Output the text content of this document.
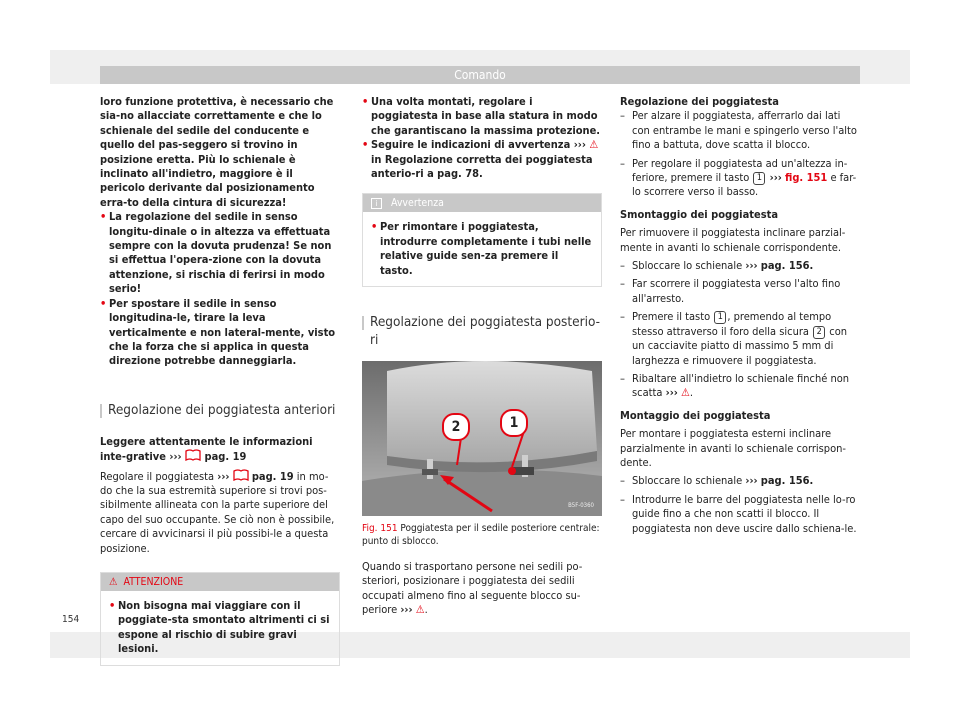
Comando

loro funzione protettiva, è necessario che sia-no allacciate correttamente e che lo schienale del sedile del conducente e quello del pas-seggero si trovino in posizione eretta. Più lo schienale è inclinato all'indietro, maggiore è il pericolo derivante dal posizionamento erra-to della cintura di sicurezza!

• La regolazione del sedile in senso longitu-dinale o in altezza va effettuata sempre con la dovuta prudenza! Se non si effettua l'opera-zione con la dovuta attenzione, si rischia di ferirsi in modo serio!

• Per spostare il sedile in senso longitudina-le, tirare la leva verticalmente e non lateral-mente, visto che la forza che si applica in questa direzione potrebbe danneggiarla.

Regolazione dei poggiatesta anteriori

Leggere attentamente le informazioni inte-grative ››› pag. 19

Regolare il poggiatesta ››› pag. 19 in mo-do che la sua estremità superiore si trovi pos-sibilmente allineata con la parte superiore del capo del suo occupante. Se ciò non è possibile, cercare di avvicinarsi il più possibi-le a questa posizione.

⚠ ATTENZIONE

• Non bisogna mai viaggiare con il poggiate-sta smontato altrimenti ci si espone al rischio di subire gravi lesioni.

• Una volta montati, regolare i poggiatesta in base alla statura in modo che garantiscano la massima protezione.

• Seguire le indicazioni di avvertenza ››› ⚠ in Regolazione corretta dei poggiatesta anterio-ri a pag. 78.

i Avvertenza

• Per rimontare i poggiatesta, introdurre completamente i tubi nelle relative guide sen-za premere il tasto.

Regolazione dei poggiatesta posterio-ri
2	1
B5F-0360

Fig. 151 Poggiatesta per il sedile posteriore centrale: punto di sblocco.

Quando si trasportano persone nei sedili po-steriori, posizionare i poggiatesta dei sedili occupati almeno fino al seguente blocco su-periore ››› ⚠.

Regolazione dei poggiatesta

– Per alzare il poggiatesta, afferrarlo dai lati con entrambe le mani e spingerlo verso l'alto fino a battuta, dove scatta il blocco.

– Per regolare il poggiatesta ad un'altezza in-feriore, premere il tasto 1 ››› fig. 151 e far-lo scorrere verso il basso.

Smontaggio dei poggiatesta

Per rimuovere il poggiatesta inclinare parzial-mente in avanti lo schienale corrispondente.

– Sbloccare lo schienale ››› pag. 156.

– Far scorrere il poggiatesta verso l'alto fino all'arresto.

– Premere il tasto 1 , premendo al tempo stesso attraverso il foro della sicura 2 con un cacciavite piatto di massimo 5 mm di larghezza e rimuovere il poggiatesta.

– Ribaltare all'indietro lo schienale finché non scatta ››› ⚠.

Montaggio dei poggiatesta

Per montare i poggiatesta esterni inclinare parzialmente in avanti lo schienale corrispon-dente.

– Sbloccare lo schienale ››› pag. 156.

– Introdurre le barre del poggiatesta nelle lo-ro guide fino a che non scatti il blocco. Il poggiatesta non deve uscire dallo schiena-le.

154
